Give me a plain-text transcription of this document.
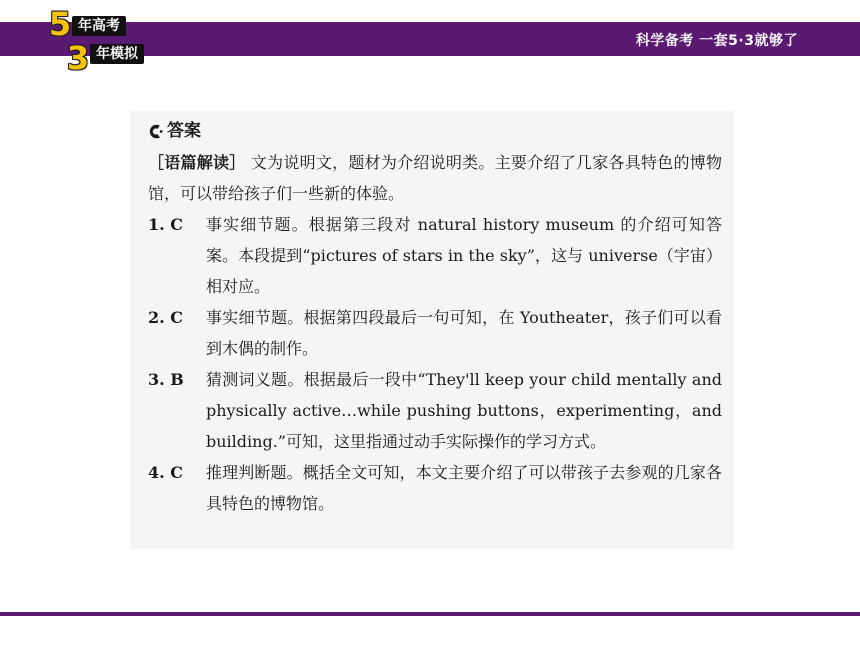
5 年高考
3 年模拟
科学备考 一套5·3就够了
答案
［语篇解读］ 文为说明文，题材为介绍说明类。主要介绍了几家各具特色的博物馆，可以带给孩子们一些新的体验。
1. C	事实细节题。根据第三段对 natural history museum 的介绍可知答案。本段提到“pictures of stars in the sky”，这与 universe（宇宙）相对应。
2. C	事实细节题。根据第四段最后一句可知，在 Youtheater，孩子们可以看到木偶的制作。
3. B	猜测词义题。根据最后一段中“They'll keep your child mentally and physically active…while pushing buttons，experimenting，and building.”可知，这里指通过动手实际操作的学习方式。
4. C	推理判断题。概括全文可知，本文主要介绍了可以带孩子去参观的几家各具特色的博物馆。
